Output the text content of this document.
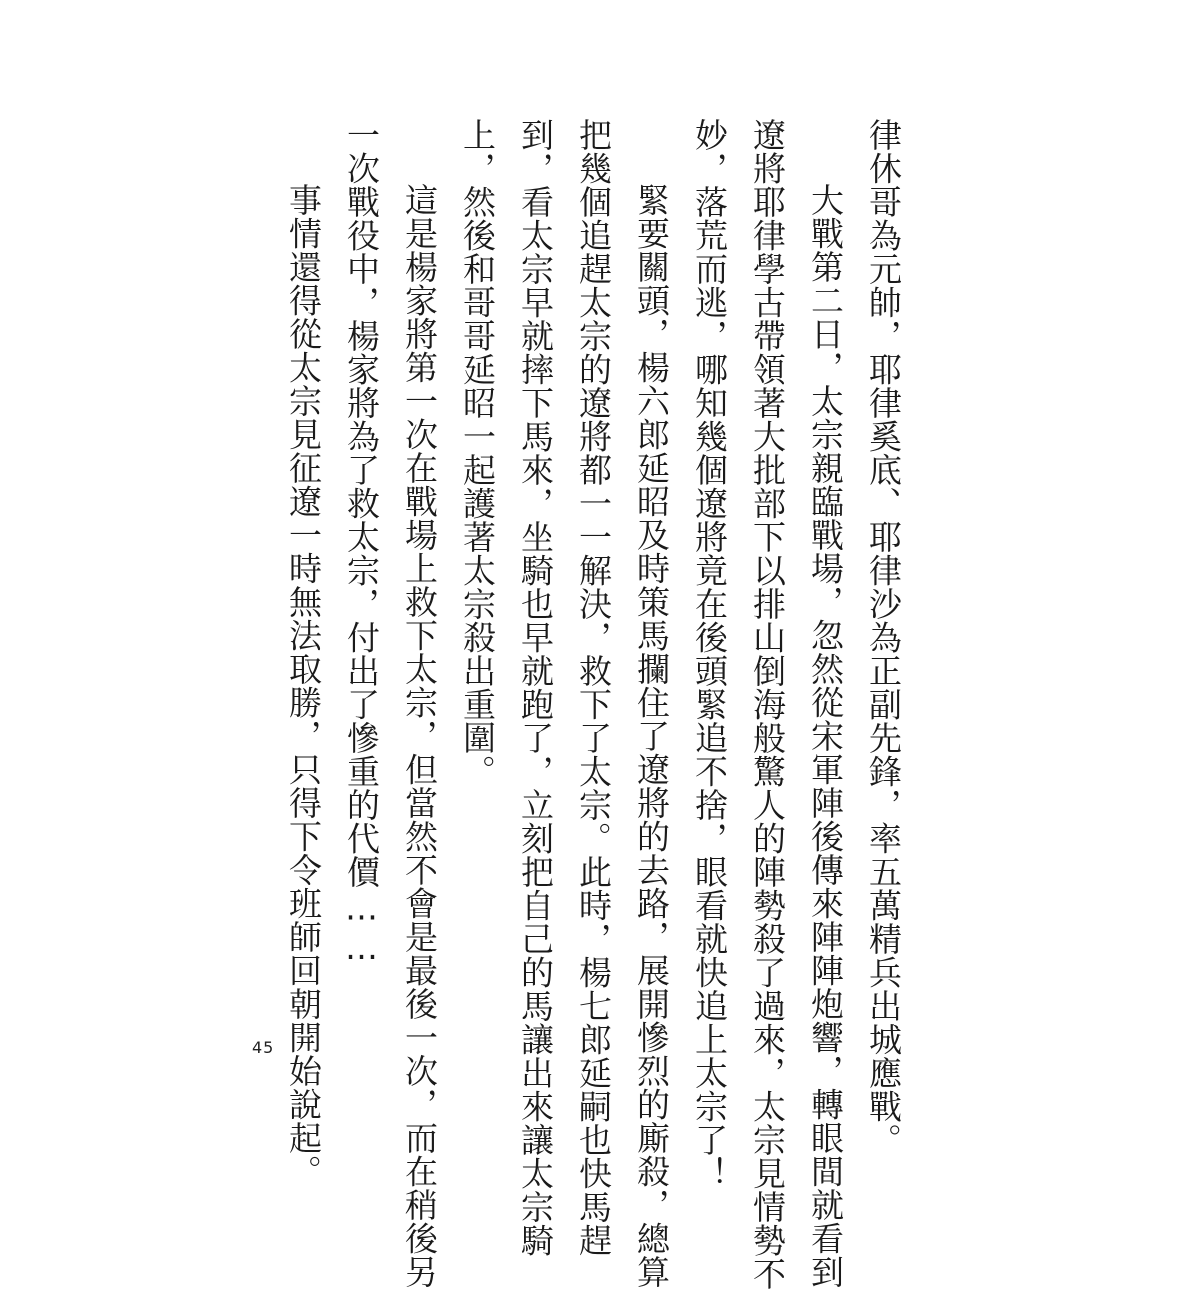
律休哥為元帥，耶律奚底、耶律沙為正副先鋒，率五萬精兵出城應戰。
大戰第二日，太宗親臨戰場，忽然從宋軍陣後傳來陣陣炮響，轉眼間就看到
遼將耶律學古帶領著大批部下以排山倒海般驚人的陣勢殺了過來，太宗見情勢不
妙，落荒而逃，哪知幾個遼將竟在後頭緊追不捨，眼看就快追上太宗了！
緊要關頭，楊六郎延昭及時策馬攔住了遼將的去路，展開慘烈的廝殺，總算
把幾個追趕太宗的遼將都一一解決，救下了太宗。此時，楊七郎延嗣也快馬趕
到，看太宗早就摔下馬來，坐騎也早就跑了，立刻把自己的馬讓出來讓太宗騎
上，然後和哥哥延昭一起護著太宗殺出重圍。
這是楊家將第一次在戰場上救下太宗，但當然不會是最後一次，而在稍後另
一次戰役中，楊家將為了救太宗，付出了慘重的代價……
事情還得從太宗見征遼一時無法取勝，只得下令班師回朝開始說起。
45
